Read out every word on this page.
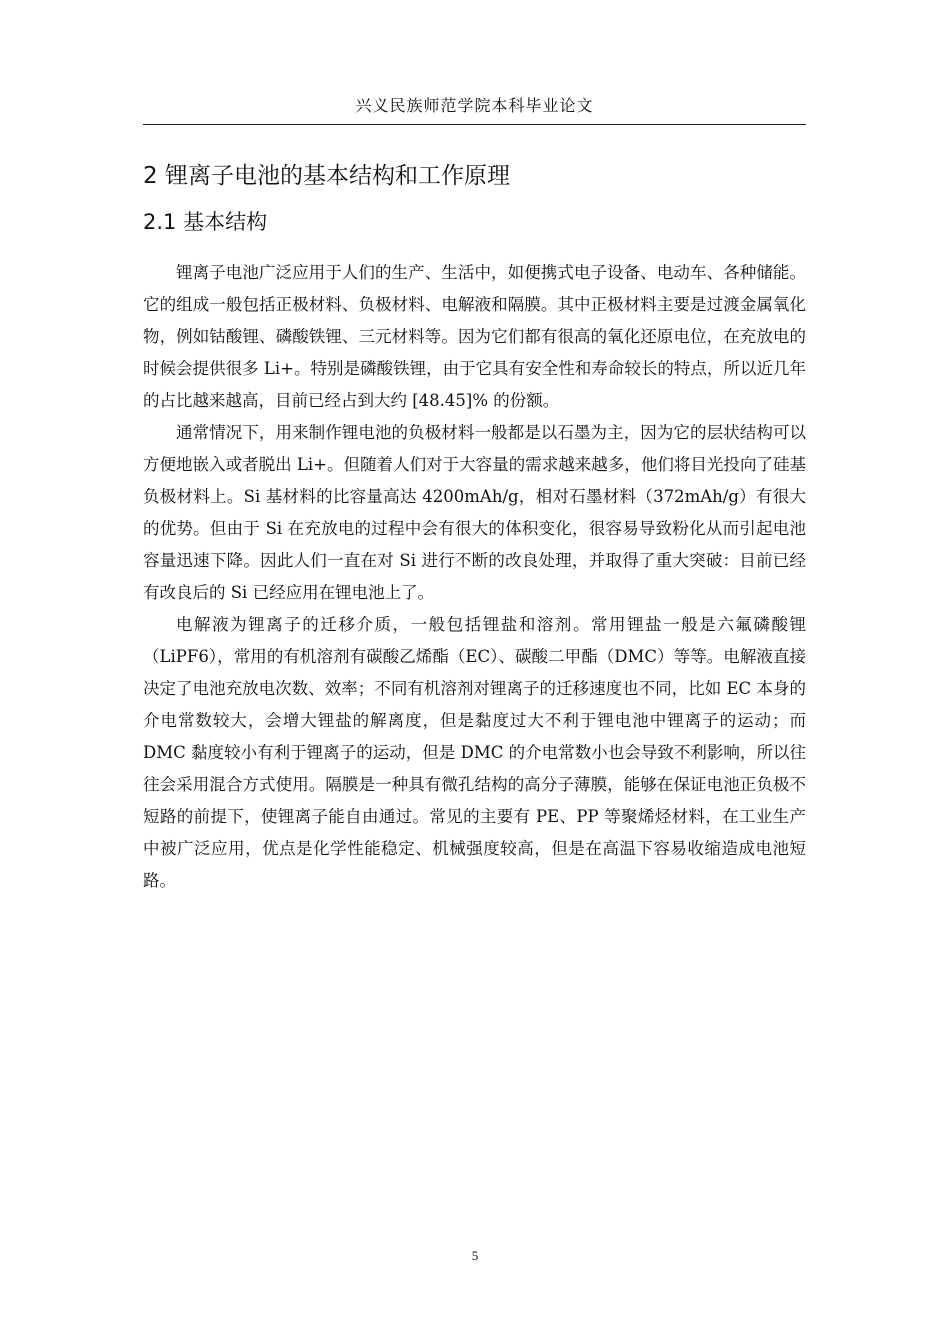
兴义民族师范学院本科毕业论文
2 锂离子电池的基本结构和工作原理
2.1 基本结构

锂离子电池广泛应用于人们的生产、生活中，如便携式电子设备、电动车、各种储能。它的组成一般包括正极材料、负极材料、电解液和隔膜。其中正极材料主要是过渡金属氧化物，例如钴酸锂、磷酸铁锂、三元材料等。因为它们都有很高的氧化还原电位，在充放电的时候会提供很多 Li+。特别是磷酸铁锂，由于它具有安全性和寿命较长的特点，所以近几年的占比越来越高，目前已经占到大约 [48.45]% 的份额。

通常情况下，用来制作锂电池的负极材料一般都是以石墨为主，因为它的层状结构可以方便地嵌入或者脱出 Li+。但随着人们对于大容量的需求越来越多，他们将目光投向了硅基负极材料上。Si 基材料的比容量高达 4200mAh/g，相对石墨材料（372mAh/g）有很大的优势。但由于 Si 在充放电的过程中会有很大的体积变化，很容易导致粉化从而引起电池容量迅速下降。因此人们一直在对 Si 进行不断的改良处理，并取得了重大突破：目前已经有改良后的 Si 已经应用在锂电池上了。

电解液为锂离子的迁移介质，一般包括锂盐和溶剂。常用锂盐一般是六氟磷酸锂（LiPF6），常用的有机溶剂有碳酸乙烯酯（EC）、碳酸二甲酯（DMC）等等。电解液直接决定了电池充放电次数、效率；不同有机溶剂对锂离子的迁移速度也不同，比如 EC 本身的介电常数较大，会增大锂盐的解离度，但是黏度过大不利于锂电池中锂离子的运动；而 DMC 黏度较小有利于锂离子的运动，但是 DMC 的介电常数小也会导致不利影响，所以往往会采用混合方式使用。隔膜是一种具有微孔结构的高分子薄膜，能够在保证电池正负极不短路的前提下，使锂离子能自由通过。常见的主要有 PE、PP 等聚烯烃材料，在工业生产中被广泛应用，优点是化学性能稳定、机械强度较高，但是在高温下容易收缩造成电池短路。

5
